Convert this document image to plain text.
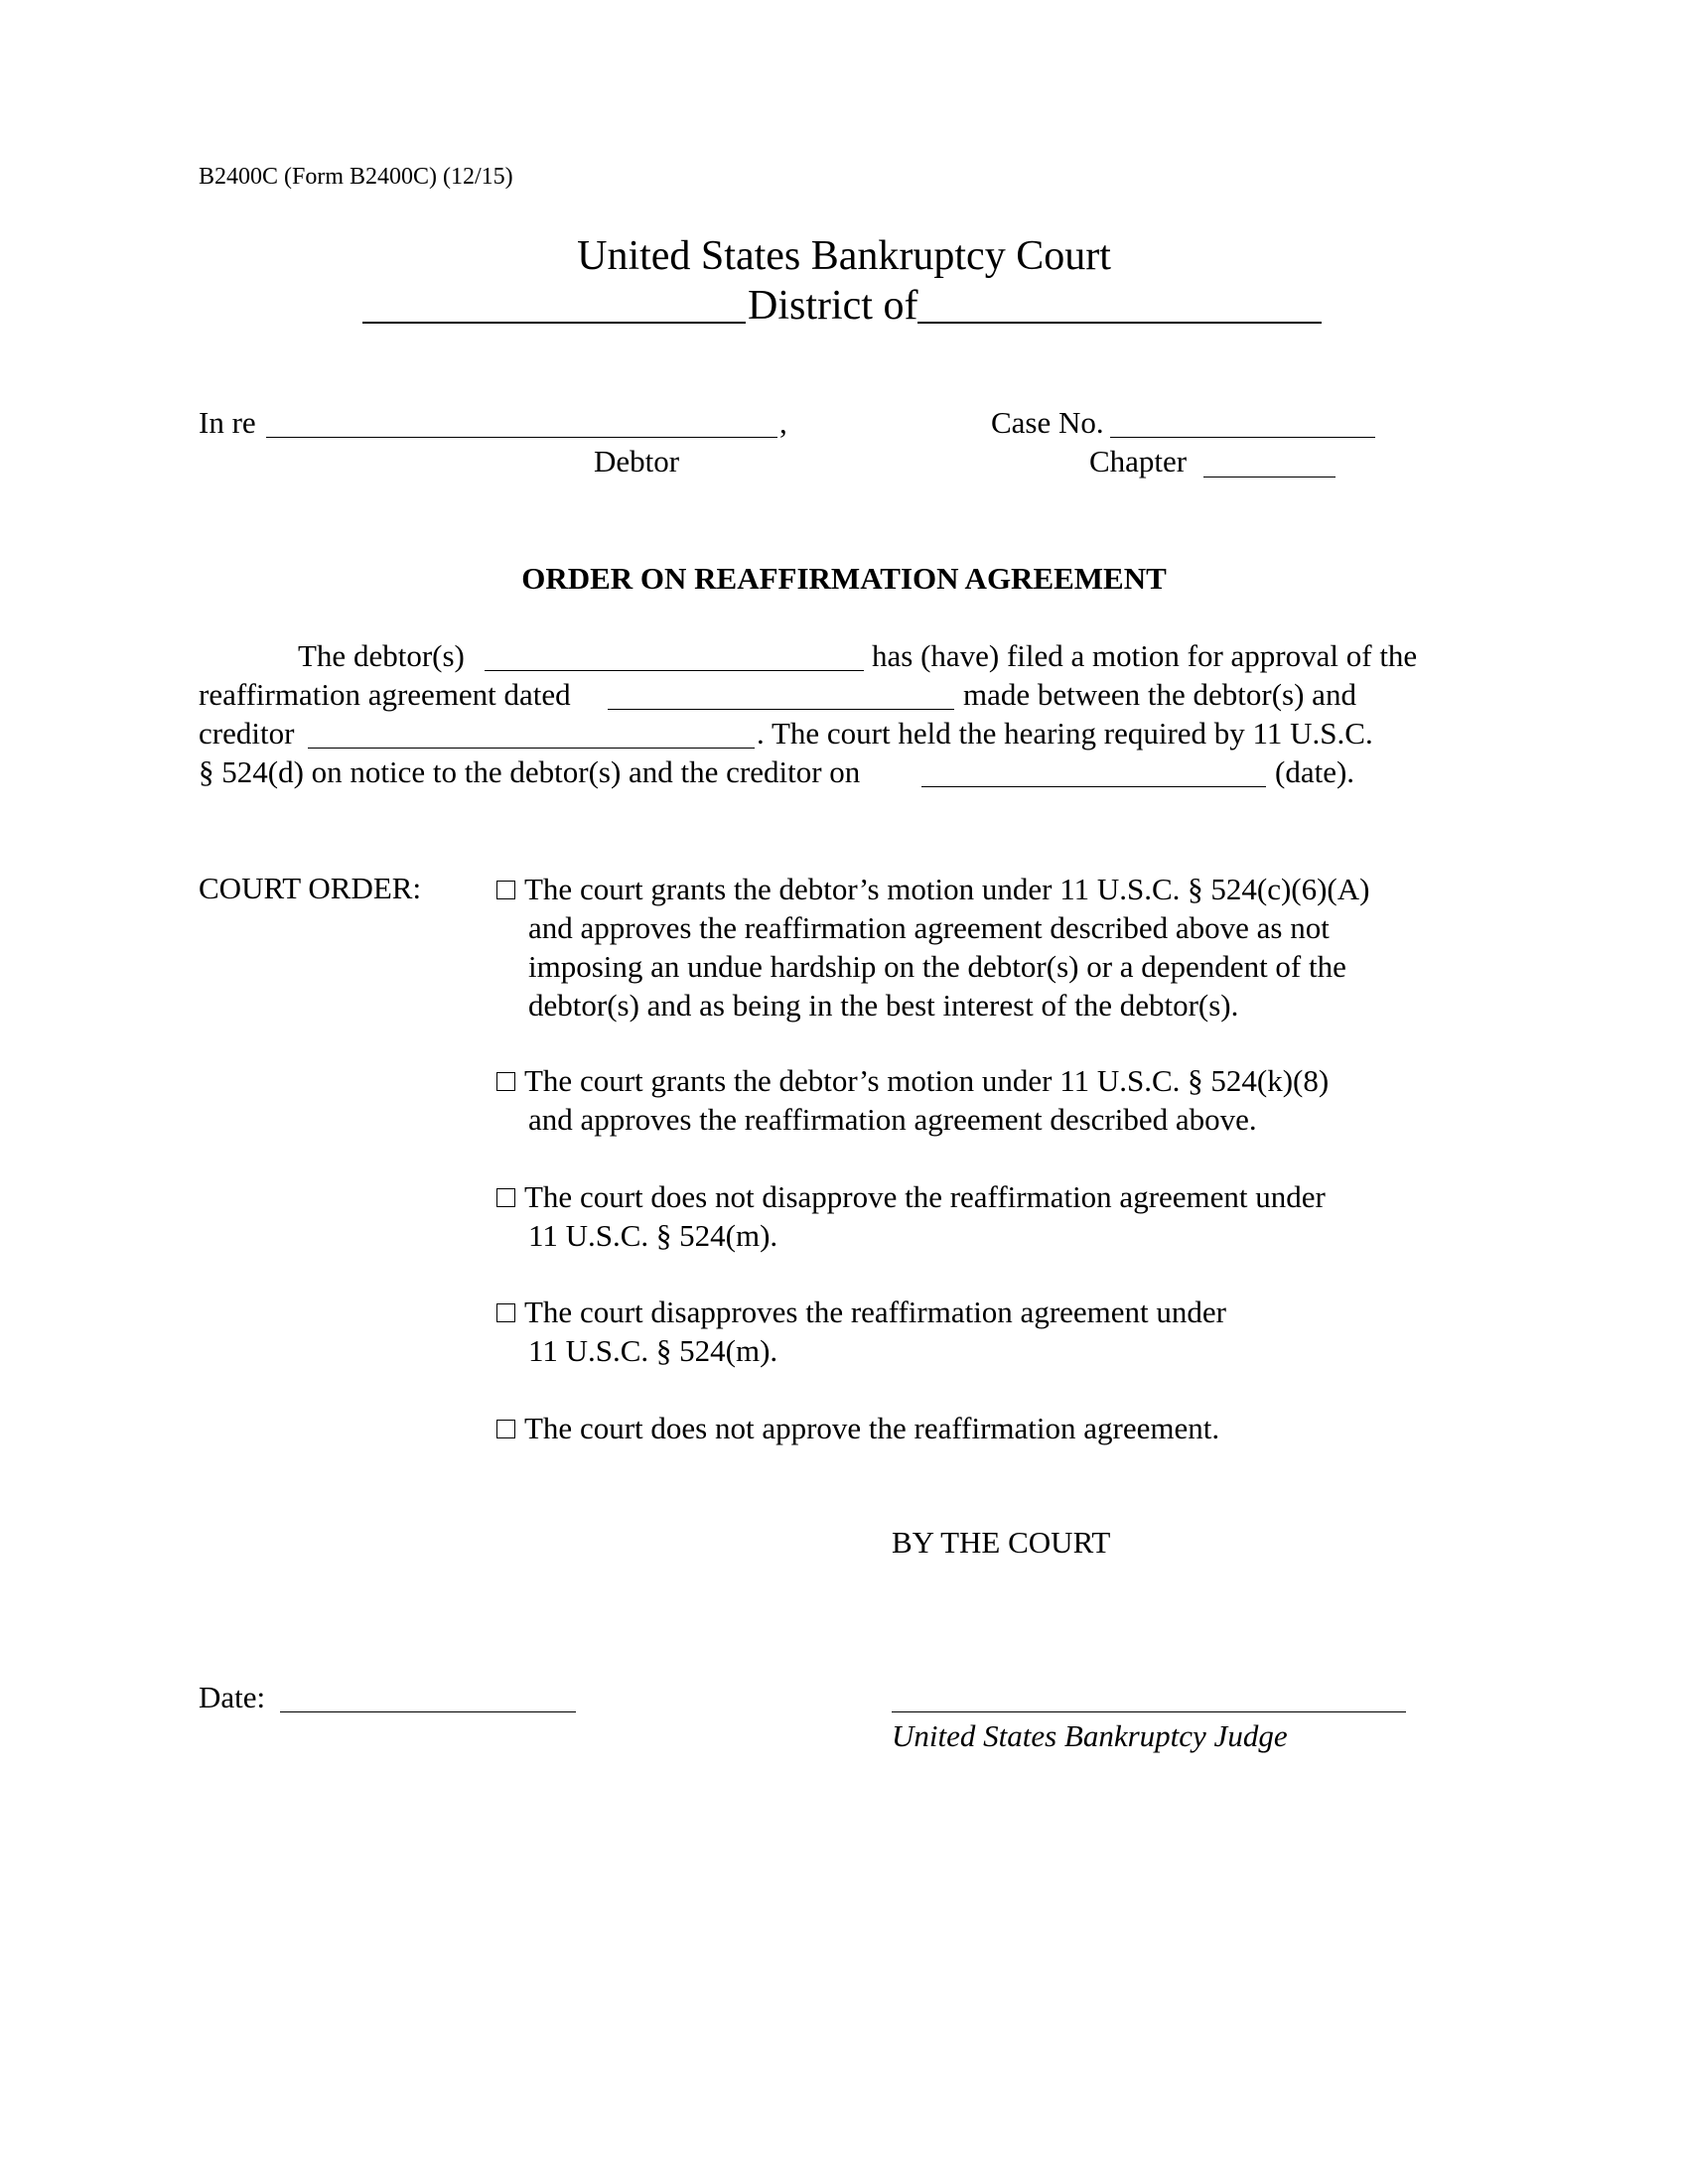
B2400C (Form B2400C) (12/15)
United States Bankruptcy Court
District of
In re	,
Debtor
Case No.
Chapter
ORDER ON REAFFIRMATION AGREEMENT
The debtor(s)	has (have) filed a motion for approval of the
reaffirmation agreement dated	made between the debtor(s) and
creditor	. The court held the hearing required by 11 U.S.C.
§ 524(d) on notice to the debtor(s) and the creditor on	(date).
COURT ORDER:	The court grants the debtor’s motion under 11 U.S.C. § 524(c)(6)(A)
and approves the reaffirmation agreement described above as not
imposing an undue hardship on the debtor(s) or a dependent of the
debtor(s) and as being in the best interest of the debtor(s).
The court grants the debtor’s motion under 11 U.S.C. § 524(k)(8)
and approves the reaffirmation agreement described above.
The court does not disapprove the reaffirmation agreement under
11 U.S.C. § 524(m).
The court disapproves the reaffirmation agreement under
11 U.S.C. § 524(m).
The court does not approve the reaffirmation agreement.
BY THE COURT
Date:
United States Bankruptcy Judge
